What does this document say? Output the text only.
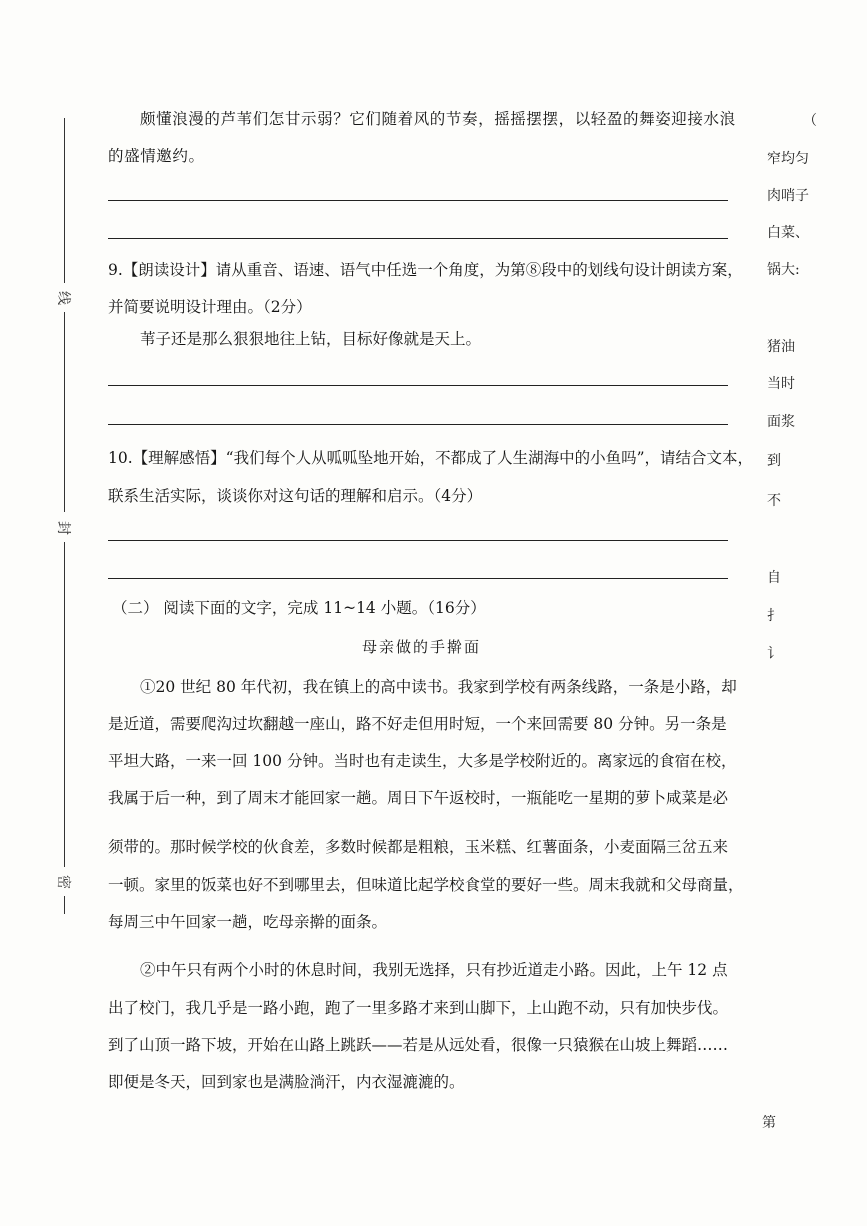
线
封
密
颇懂浪漫的芦苇们怎甘示弱？它们随着风的节奏，摇摇摆摆，以轻盈的舞姿迎接水浪
的盛情邀约。
9.【朗读设计】请从重音、语速、语气中任选一个角度，为第⑧段中的划线句设计朗读方案，
并简要说明设计理由。（2分）
苇子还是那么狠狠地往上钻，目标好像就是天上。
10.【理解感悟】“我们每个人从呱呱坠地开始，不都成了人生湖海中的小鱼吗”，请结合文本，
联系生活实际，谈谈你对这句话的理解和启示。（4分）
（二） 阅读下面的文字，完成 11~14 小题。（16分）
母亲做的手擀面
①20 世纪 80 年代初，我在镇上的高中读书。我家到学校有两条线路，一条是小路，却
是近道，需要爬沟过坎翻越一座山，路不好走但用时短，一个来回需要 80 分钟。另一条是
平坦大路，一来一回 100 分钟。当时也有走读生，大多是学校附近的。离家远的食宿在校，
我属于后一种，到了周末才能回家一趟。周日下午返校时，一瓶能吃一星期的萝卜咸菜是必
须带的。那时候学校的伙食差，多数时候都是粗粮，玉米糕、红薯面条，小麦面隔三岔五来
一顿。家里的饭菜也好不到哪里去，但味道比起学校食堂的要好一些。周末我就和父母商量，
每周三中午回家一趟，吃母亲擀的面条。
②中午只有两个小时的休息时间，我别无选择，只有抄近道走小路。因此，上午 12 点
出了校门，我几乎是一路小跑，跑了一里多路才来到山脚下，上山跑不动，只有加快步伐。
到了山顶一路下坡，开始在山路上跳跃——若是从远处看，很像一只猿猴在山坡上舞蹈……
即便是冬天，回到家也是满脸淌汗，内衣湿漉漉的。
（
窄均匀
肉哨子
白菜、
锅大:
猪油
当时
面浆
到
不
自
扌
讠
第
